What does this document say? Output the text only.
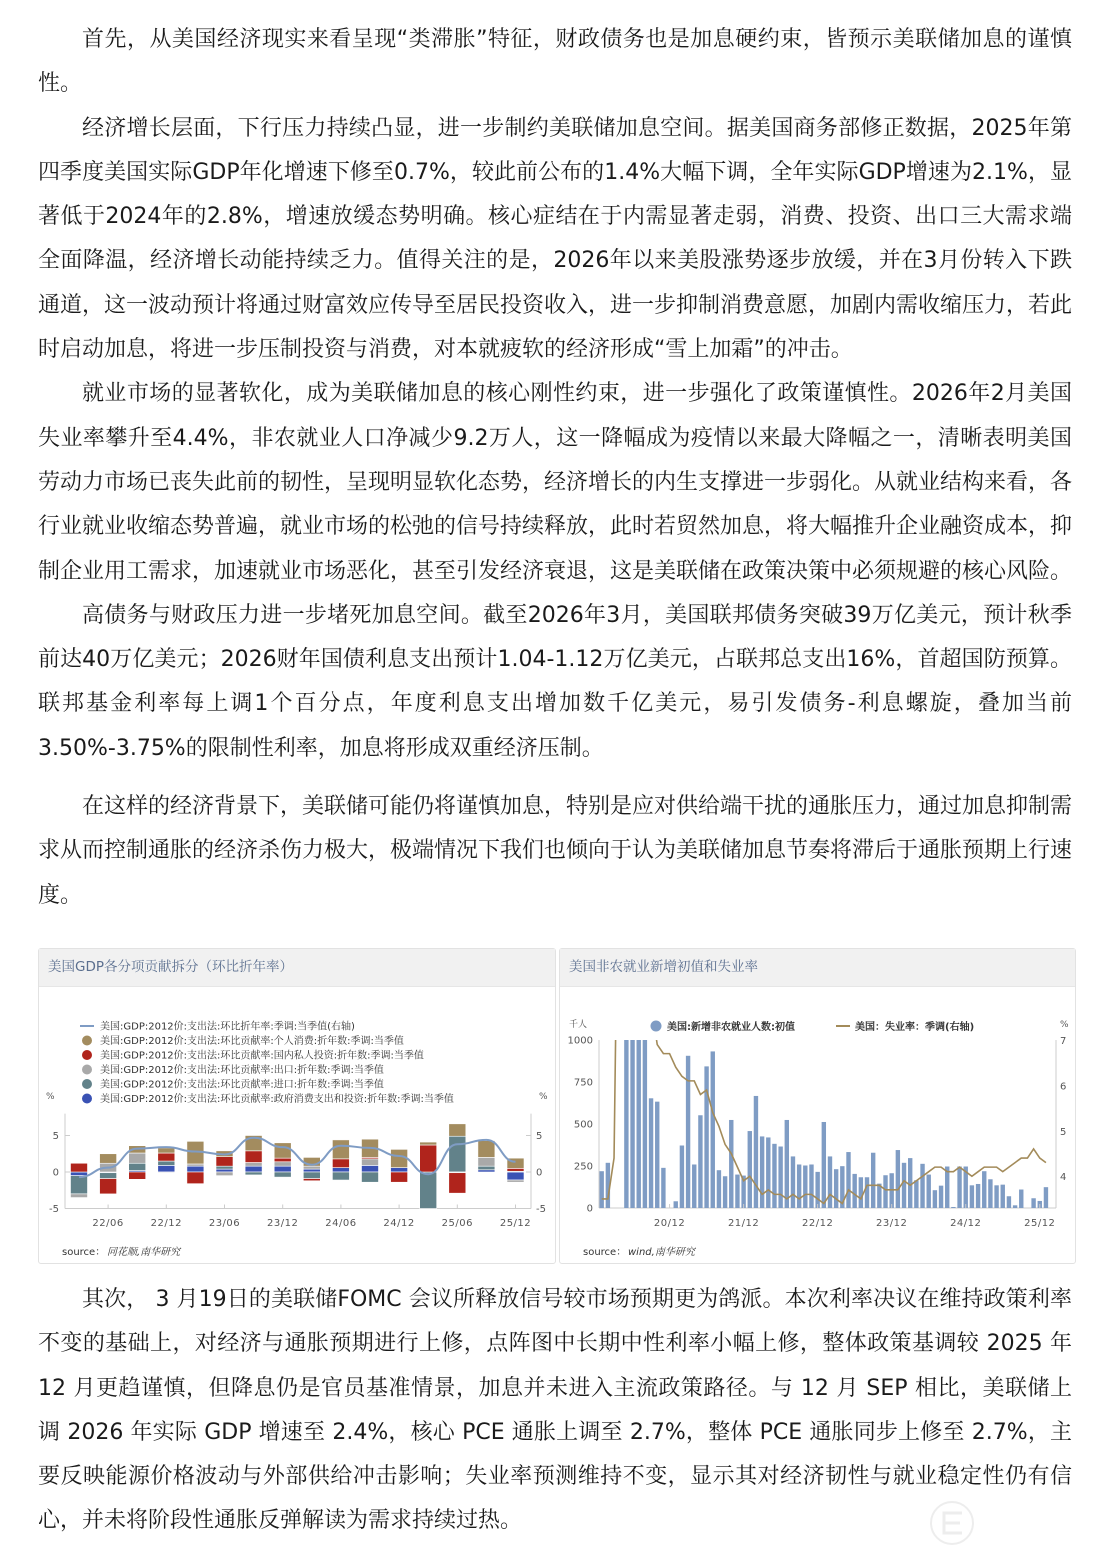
首先，从美国经济现实来看呈现“类滞胀”特征，财政债务也是加息硬约束，皆预示美联储加息的谨慎性。

经济增长层面，下行压力持续凸显，进一步制约美联储加息空间。据美国商务部修正数据，2025年第四季度美国实际GDP年化增速下修至0.7%，较此前公布的1.4%大幅下调，全年实际GDP增速为2.1%，显著低于2024年的2.8%，增速放缓态势明确。核心症结在于内需显著走弱，消费、投资、出口三大需求端全面降温，经济增长动能持续乏力。值得关注的是，2026年以来美股涨势逐步放缓，并在3月份转入下跌通道，这一波动预计将通过财富效应传导至居民投资收入，进一步抑制消费意愿，加剧内需收缩压力，若此时启动加息，将进一步压制投资与消费，对本就疲软的经济形成“雪上加霜”的冲击。

就业市场的显著软化，成为美联储加息的核心刚性约束，进一步强化了政策谨慎性。2026年2月美国失业率攀升至4.4%，非农就业人口净减少9.2万人，这一降幅成为疫情以来最大降幅之一，清晰表明美国劳动力市场已丧失此前的韧性，呈现明显软化态势，经济增长的内生支撑进一步弱化。从就业结构来看，各行业就业收缩态势普遍，就业市场的松弛的信号持续释放，此时若贸然加息，将大幅推升企业融资成本，抑制企业用工需求，加速就业市场恶化，甚至引发经济衰退，这是美联储在政策决策中必须规避的核心风险。

高债务与财政压力进一步堵死加息空间。截至2026年3月，美国联邦债务突破39万亿美元，预计秋季前达40万亿美元；2026财年国债利息支出预计1.04-1.12万亿美元，占联邦总支出16%，首超国防预算。联邦基金利率每上调1个百分点，年度利息支出增加数千亿美元，易引发债务-利息螺旋，叠加当前3.50%-3.75%的限制性利率，加息将形成双重经济压制。

在这样的经济背景下，美联储可能仍将谨慎加息，特别是应对供给端干扰的通胀压力，通过加息抑制需求从而控制通胀的经济杀伤力极大，极端情况下我们也倾向于认为美联储加息节奏将滞后于通胀预期上行速度。

美国GDP各分项贡献拆分（环比折年率）
美国:GDP:2012价:支出法:环比折年率:季调:当季值(右轴)
美国:GDP:2012价:支出法:环比贡献率:个人消费:折年数:季调:当季值
美国:GDP:2012价:支出法:环比贡献率:国内私人投资:折年数:季调:当季值
美国:GDP:2012价:支出法:环比贡献率:出口:折年数:季调:当季值
美国:GDP:2012价:支出法:环比贡献率:进口:折年数:季调:当季值
美国:GDP:2012价:支出法:环比贡献率:政府消费支出和投资:折年数:季调:当季值
%	%
-5
0
5
-5
0
5
22/06	22/12	23/06	23/12	24/06	24/12	25/06	25/12
source： 同花顺,南华研究
美国非农就业新增初值和失业率
美国:新增非农就业人数:初值	美国：失业率：季调(右轴)
千人	%
0
250
500
750
1000
4
5
6
7
20/12	21/12	22/12	23/12	24/12	25/12
source： wind,南华研究

其次， 3 月19日的美联储FOMC 会议所释放信号较市场预期更为鸽派。本次利率决议在维持政策利率不变的基础上，对经济与通胀预期进行上修，点阵图中长期中性利率小幅上修，整体政策基调较 2025 年 12 月更趋谨慎，但降息仍是官员基准情景，加息并未进入主流政策路径。与 12 月 SEP 相比，美联储上调 2026 年实际 GDP 增速至 2.4%，核心 PCE 通胀上调至 2.7%，整体 PCE 通胀同步上修至 2.7%，主要反映能源价格波动与外部供给冲击影响；失业率预测维持不变，显示其对经济韧性与就业稳定性仍有信心，并未将阶段性通胀反弹解读为需求持续过热。
